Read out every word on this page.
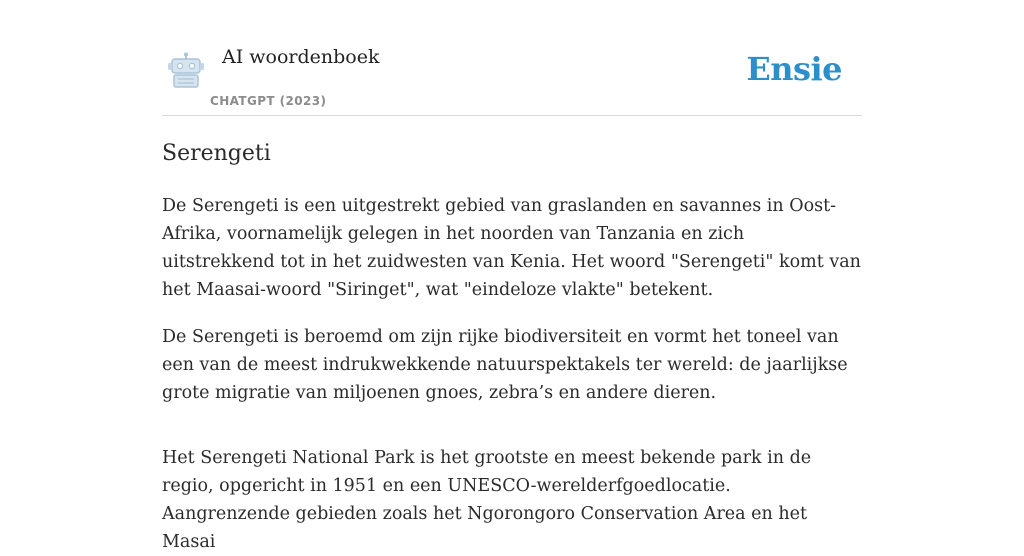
AI woordenboek
CHATGPT (2023)
Ensie
Serengeti

De Serengeti is een uitgestrekt gebied van graslanden en savannes in Oost-Afrika, voornamelijk gelegen in het noorden van Tanzania en zich uitstrekkend tot in het zuidwesten van Kenia. Het woord "Serengeti" komt van het Maasai-woord "Siringet", wat "eindeloze vlakte" betekent.

De Serengeti is beroemd om zijn rijke biodiversiteit en vormt het toneel van een van de meest indrukwekkende natuurspektakels ter wereld: de jaarlijkse grote migratie van miljoenen gnoes, zebra’s en andere dieren.

Het Serengeti National Park is het grootste en meest bekende park in de regio, opgericht in 1951 en een UNESCO-werelderfgoedlocatie.
Aangrenzende gebieden zoals het Ngorongoro Conservation Area en het Masai
